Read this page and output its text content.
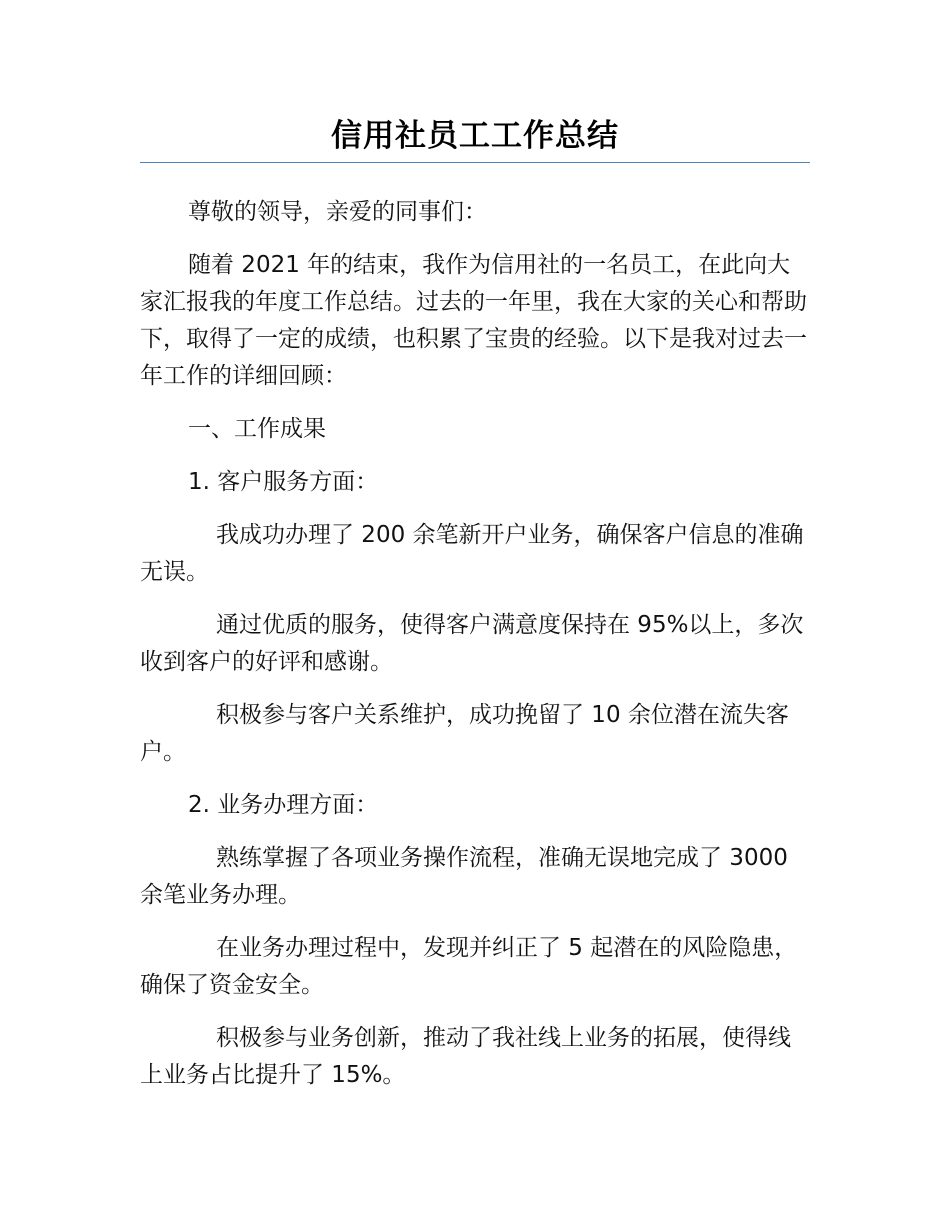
信用社员工工作总结

尊敬的领导，亲爱的同事们：

随着 2021 年的结束，我作为信用社的一名员工，在此向大家汇报我的年度工作总结。过去的一年里，我在大家的关心和帮助下，取得了一定的成绩，也积累了宝贵的经验。以下是我对过去一年工作的详细回顾：

一、工作成果

1. 客户服务方面：

我成功办理了 200 余笔新开户业务，确保客户信息的准确无误。

通过优质的服务，使得客户满意度保持在 95%以上，多次收到客户的好评和感谢。

积极参与客户关系维护，成功挽留了 10 余位潜在流失客户。

2. 业务办理方面：

熟练掌握了各项业务操作流程，准确无误地完成了 3000 余笔业务办理。

在业务办理过程中，发现并纠正了 5 起潜在的风险隐患，确保了资金安全。

积极参与业务创新，推动了我社线上业务的拓展，使得线上业务占比提升了 15%。
